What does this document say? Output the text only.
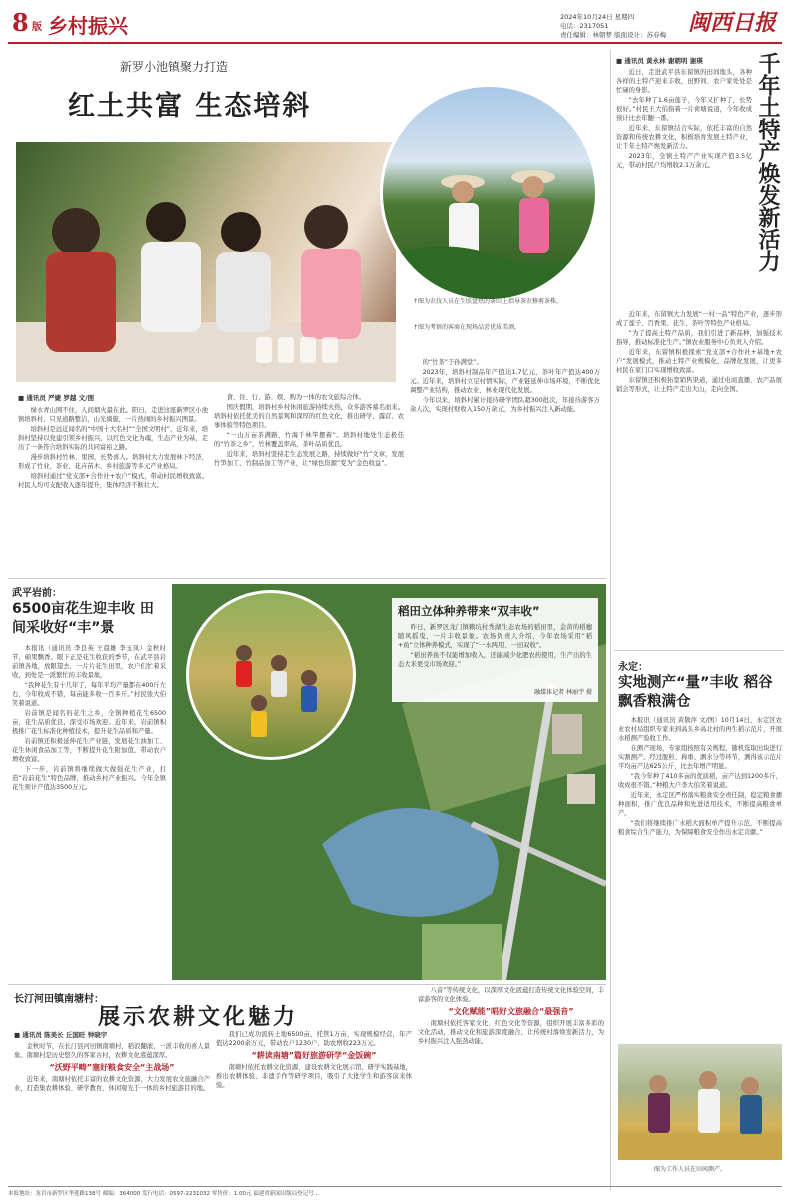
8 版 乡村振兴	2024年10月24日 星期四
电话：2317051
责任编辑：林朝梦 版面设计：苏春梅 闽西日报
新罗小池镇聚力打造
红土共富 生态培斜
↑图为农技人员在生肤盘热的茶山上指导茶农修剪茶株。
↑图为考察的客商在现场品尝优质美酒。
■ 通讯员 严婕 罗越 文/图

绿水青山围不住，人间烟火最在此。阳日，走进这座新罗区小池镇培斜村，只见道路整洁，山光旖旎，一片热闹的乡村振兴图景。

培斜村是远近闻名的“中国十大名村”“全国文明村”，近年来，培斜村坚持以党建引领乡村振兴，以红色文化为魂，生态产业为基，走出了一条符合培斜实际的共同富裕之路。

漫步培斜村竹林、果园，长势喜人。培斜村大力发展林下经济，形成了竹业、茶业、花卉苗木、乡村旅游等多元产业格局。

培斜村通过“党支部+合作社+农户”模式，带动村民增收致富。村民人均可支配收入逐年提升，集体经济不断壮大。

食、住、行、游、娱、购为一体的农文旅综合体。

国庆假期，培斜村乡村休闲旅游持续火热，众多游客慕名而来。培斜村依托优美的自然景观和深厚的红色文化，推出研学、露营、农事体验等特色项目。

“一山万亩茶满路，竹海千林竿摆着”。培斜村地处生态极佳的“竹茶之乡”，竹林覆盖率高，茶叶品质优良。

近年来，培斜村坚持走生态发展之路，持续做好“竹”文章，发展竹笋加工、竹制品加工等产业，让“绿色资源”变为“金色收益”。

的“竹茶”于孙满堂”。

2023年，培斜村制品年产值达1.7亿元，茶叶年产值达400万元。近年来，培斜村立足村情实际，产业链延伸市场环境，不断优化调整产业结构，推动农业、林业现代化发展。

今年以来，培斜村累计接待研学团队超300批次，年接待游客万余人次，实现村财收入150万余元，为乡村振兴注入新动能。

千年土特产焕发新活力
■ 通讯员 黄永林 谢朝明 谢瑛

近日，走进武平县东留镇的田间地头，各种各样的土特产迎来丰收，田野间、农户家处处是忙碌的身影。

“去年种了1.6亩莲子，今年又扩种了，长势很好。”村民王大伯指着一片荷塘说道，今年收成预计比去年翻一番。

近年来，东留镇结合实际，依托丰富的自然资源和传统农耕文化，积极培育发展土特产业，让千年土特产焕发新活力。

2023年，全镇土特产产业实现产值3.5亿元，带动村民户均增收2.1万余元。

近年来，东留镇大力发展“一村一品”特色产业，逐步形成了莲子、百香果、花生、茶叶等特色产业格局。

“为了提高土特产品质，我们引进了新品种，加强技术指导，推动标准化生产。”镇农业服务中心负责人介绍。

近年来，东留镇积极探索“党支部+合作社+基地+农户”发展模式，推动土特产业规模化、品牌化发展，让更多村民在家门口实现增收致富。

东留镇还积极拓宽销售渠道，通过电商直播、农产品展销会等形式，让土特产走出大山，走向全国。

永定：
实地测产“量”丰收 稻谷飘香粮满仓

本报讯（通讯员 黄敬萍 文/图）10月14日，永定区农业农村局组织专家来到高头乡高北村的再生稻示范片，开展水稻测产验收工作。

在测产现场，专家组按照有关规程，随机选取田块进行实割测产。经过脱粒、称重、测水分等环节，测得该示范片平均亩产达625公斤，比去年增产明显。

“我今年种了410多亩的优质稻，亩产达到1200多斤，收成很不错。”种粮大户李大伯笑着说道。

近年来，永定区严格落实粮食安全责任制，稳定粮食播种面积，推广优良品种和先进适用技术，不断提高粮食单产。

“我们将继续推广水稻大面积单产提升示范，不断提高粮食综合生产能力，为保障粮食安全作出永定贡献。”

图为工作人员在田间测产。
武平岩前：
6500亩花生迎丰收 田间采收好“丰”景

本报讯（通讯员 李良英 王晨雄 李玉凤）金秋时节，硕果飘香。眼下正是花生收获的季节，在武平县岩前镇各地，放眼望去，一片片花生田里，农户们忙着采收，到处是一派繁忙的丰收景象。

“我种花生有十几年了，每年平均产量都在400斤左右，今年收成不错，每亩能多收一百多斤。”村民张大伯笑着说道。

岩前镇是闻名的花生之乡，全镇种植花生6500亩，花生品质优良，深受市场欢迎。近年来，岩前镇积极推广花生标准化种植技术，提升花生品质和产量。

岩前镇还积极延伸花生产业链，发展花生油加工、花生休闲食品加工等，不断提升花生附加值，带动农户增收致富。

下一步，岩前镇将继续做大做强花生产业，打造“岩前花生”特色品牌，推动乡村产业振兴。今年全镇花生预计产值达3500万元。

稻田立体种养带来“双丰收”

昨日，新罗区龙门镇赖坑村秀湖生态农场的稻田里，金黄的稻穗随风摇曳，一片丰收景象。农场负责人介绍，今年农场采用“稻+鱼”立体种养模式，实现了“一水两用、一田双收”。

“稻田养鱼不仅能增加收入，还能减少化肥农药使用，生产出的生态大米更受市场欢迎。”

融媒体记者 林丽宇 摄
长汀河田镇南塘村：
展示农耕文化魅力
■ 通讯员 陈美长 丘国旺 钟晓宇

金秋时节，在长汀县河田镇南塘村，稻浪翻滚，一派丰收的喜人景象。南塘村是历史悠久的客家古村，农耕文化底蕴深厚。

“沃野平畴”塞好粮食安全“主战场”

近年来，南塘村依托丰富的农耕文化资源，大力发展农文旅融合产业，打造集农耕体验、研学教育、休闲观光于一体的乡村旅游目的地。

我们已成功流转土地6500亩，托管1万亩，实现规模经营，年产值达2200余万元，带动农户1230户，助农增收223万元。

“耕读南塘”篇好旅游研学“金饭碗”

南塘村依托农耕文化资源，建设农耕文化展示馆、研学实践基地，推出农耕体验、非遗手作等研学项目，吸引了大批学生和游客前来体验。

八音”等传统文化，以深厚文化底蕴打造传统文化体验空间，丰富游客的文化体验。

“文化赋能”唱好文旅融合“最强音”

南塘村依托客家文化、红色文化等资源，组织开展丰富多彩的文化活动，推动文化和旅游深度融合，让传统村落焕发新活力，为乡村振兴注入强劲动能。

本报地址：龙岩市新罗区华莲路138号 邮编：364000 发行电话：0597-2231032 零售价：1.00元 福建省新闻出版局登记号...
